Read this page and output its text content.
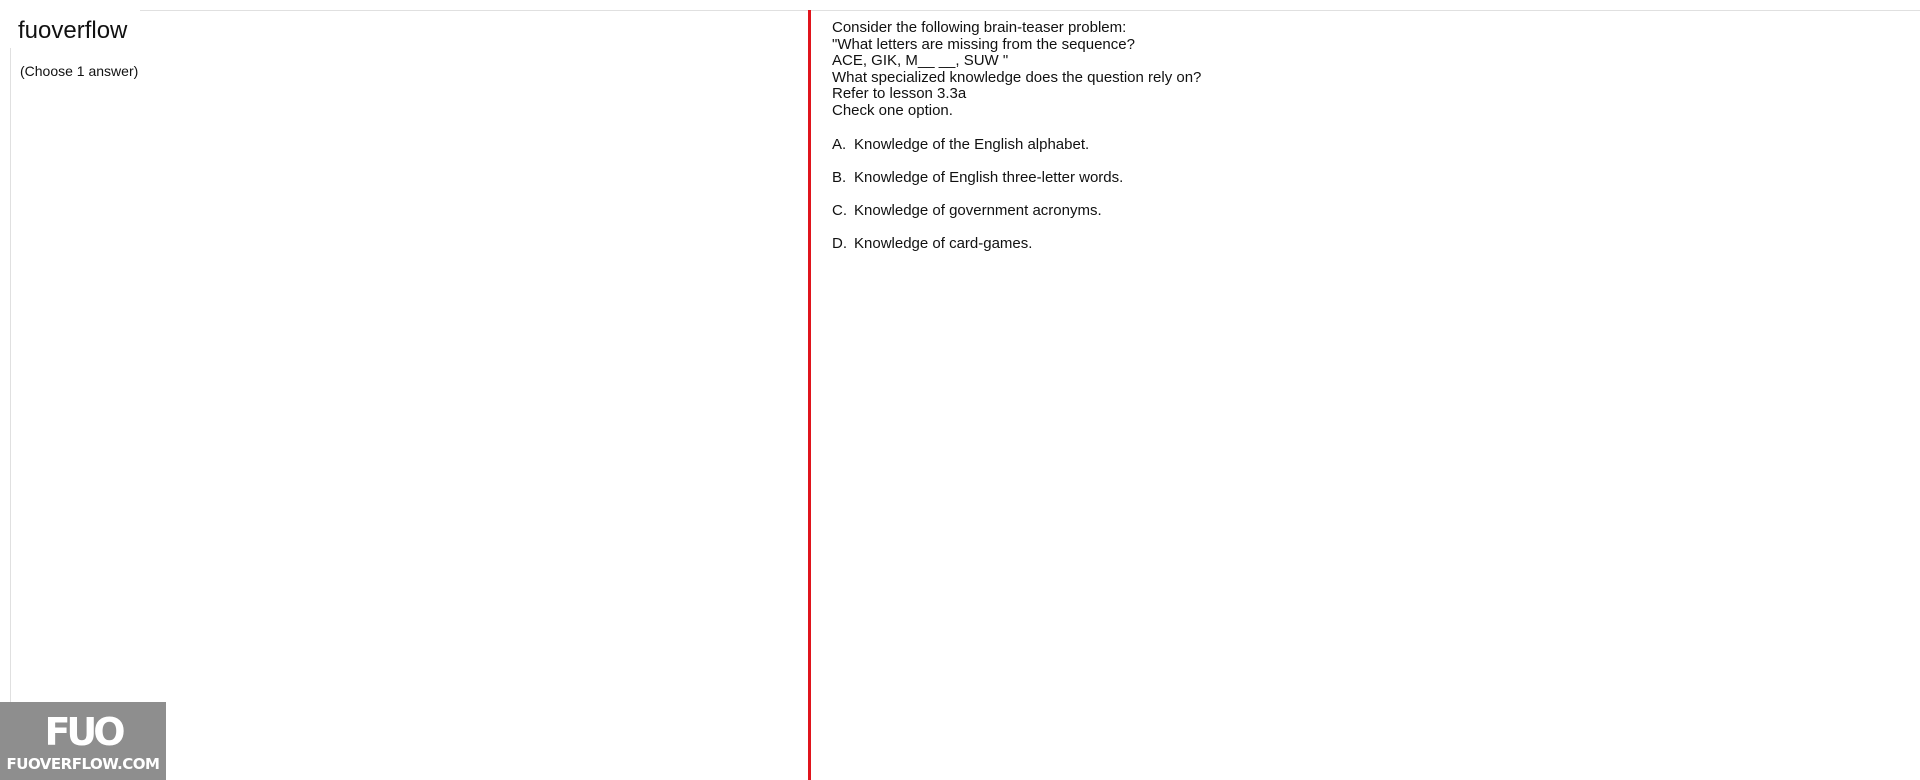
fuoverflow
(Choose 1 answer)
Consider the following brain-teaser problem:
"What letters are missing from the sequence?
ACE, GIK, M__ __, SUW "
What specialized knowledge does the question rely on?
Refer to lesson 3.3a
Check one option.
A. Knowledge of the English alphabet.
B. Knowledge of English three-letter words.
C. Knowledge of government acronyms.
D. Knowledge of card-games.
FUO
FUOVERFLOW.COM
